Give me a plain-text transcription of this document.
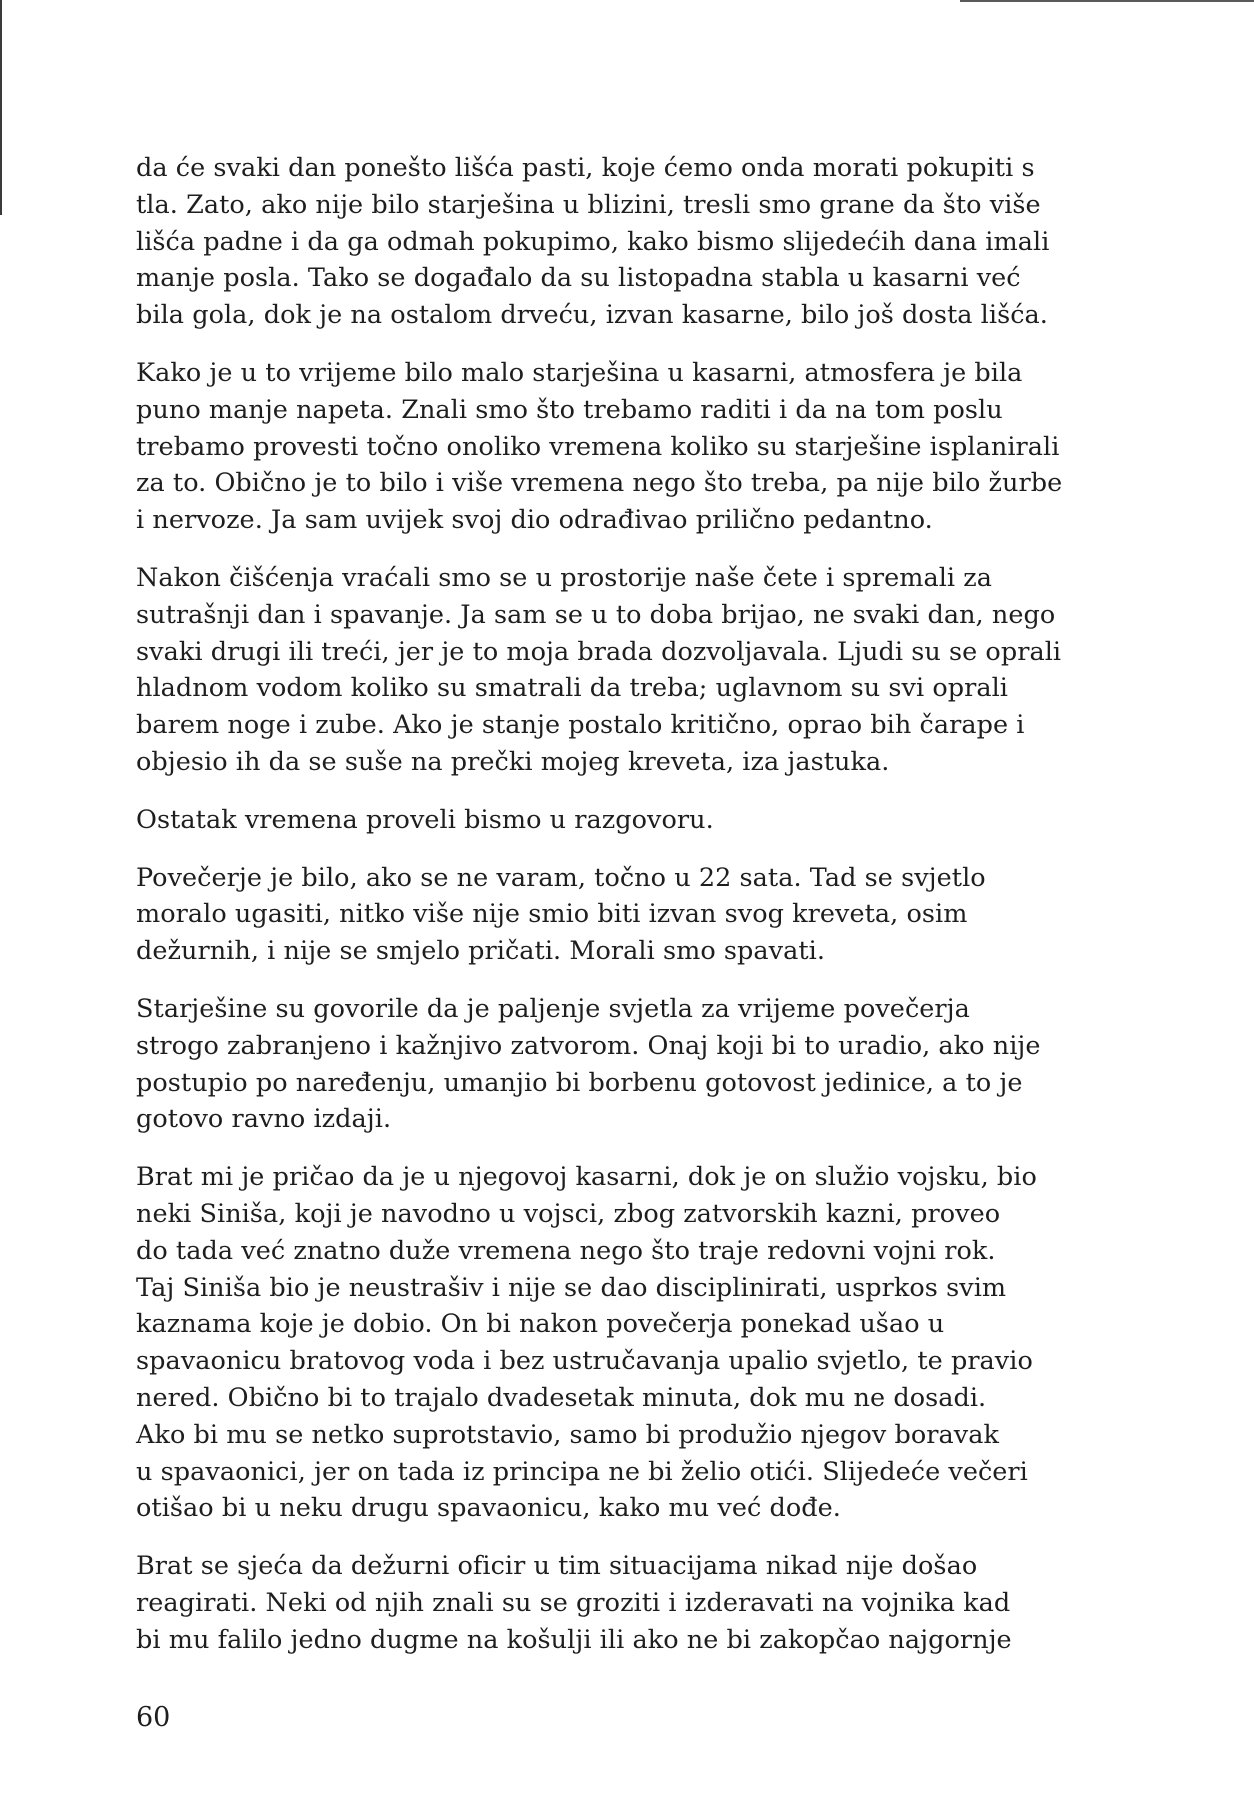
da će svaki dan ponešto lišća pasti, koje ćemo onda morati pokupiti s
tla. Zato, ako nije bilo starješina u blizini, tresli smo grane da što više
lišća padne i da ga odmah pokupimo, kako bismo slijedećih dana imali
manje posla. Tako se događalo da su listopadna stabla u kasarni već
bila gola, dok je na ostalom drveću, izvan kasarne, bilo još dosta lišća.
Kako je u to vrijeme bilo malo starješina u kasarni, atmosfera je bila
puno manje napeta. Znali smo što trebamo raditi i da na tom poslu
trebamo provesti točno onoliko vremena koliko su starješine isplanirali
za to. Obično je to bilo i više vremena nego što treba, pa nije bilo žurbe
i nervoze. Ja sam uvijek svoj dio odrađivao prilično pedantno.
Nakon čišćenja vraćali smo se u prostorije naše čete i spremali za
sutrašnji dan i spavanje. Ja sam se u to doba brijao, ne svaki dan, nego
svaki drugi ili treći, jer je to moja brada dozvoljavala. Ljudi su se oprali
hladnom vodom koliko su smatrali da treba; uglavnom su svi oprali
barem noge i zube. Ako je stanje postalo kritično, oprao bih čarape i
objesio ih da se suše na prečki mojeg kreveta, iza jastuka.
Ostatak vremena proveli bismo u razgovoru.
Povečerje je bilo, ako se ne varam, točno u 22 sata. Tad se svjetlo
moralo ugasiti, nitko više nije smio biti izvan svog kreveta, osim
dežurnih, i nije se smjelo pričati. Morali smo spavati.
Starješine su govorile da je paljenje svjetla za vrijeme povečerja
strogo zabranjeno i kažnjivo zatvorom. Onaj koji bi to uradio, ako nije
postupio po naređenju, umanjio bi borbenu gotovost jedinice, a to je
gotovo ravno izdaji.
Brat mi je pričao da je u njegovoj kasarni, dok je on služio vojsku, bio
neki Siniša, koji je navodno u vojsci, zbog zatvorskih kazni, proveo
do tada već znatno duže vremena nego što traje redovni vojni rok.
Taj Siniša bio je neustrašiv i nije se dao disciplinirati, usprkos svim
kaznama koje je dobio. On bi nakon povečerja ponekad ušao u
spavaonicu bratovog voda i bez ustručavanja upalio svjetlo, te pravio
nered. Obično bi to trajalo dvadesetak minuta, dok mu ne dosadi.
Ako bi mu se netko suprotstavio, samo bi produžio njegov boravak
u spavaonici, jer on tada iz principa ne bi želio otići. Slijedeće večeri
otišao bi u neku drugu spavaonicu, kako mu već dođe.
Brat se sjeća da dežurni oficir u tim situacijama nikad nije došao
reagirati. Neki od njih znali su se groziti i izderavati na vojnika kad
bi mu falilo jedno dugme na košulji ili ako ne bi zakopčao najgornje
60
